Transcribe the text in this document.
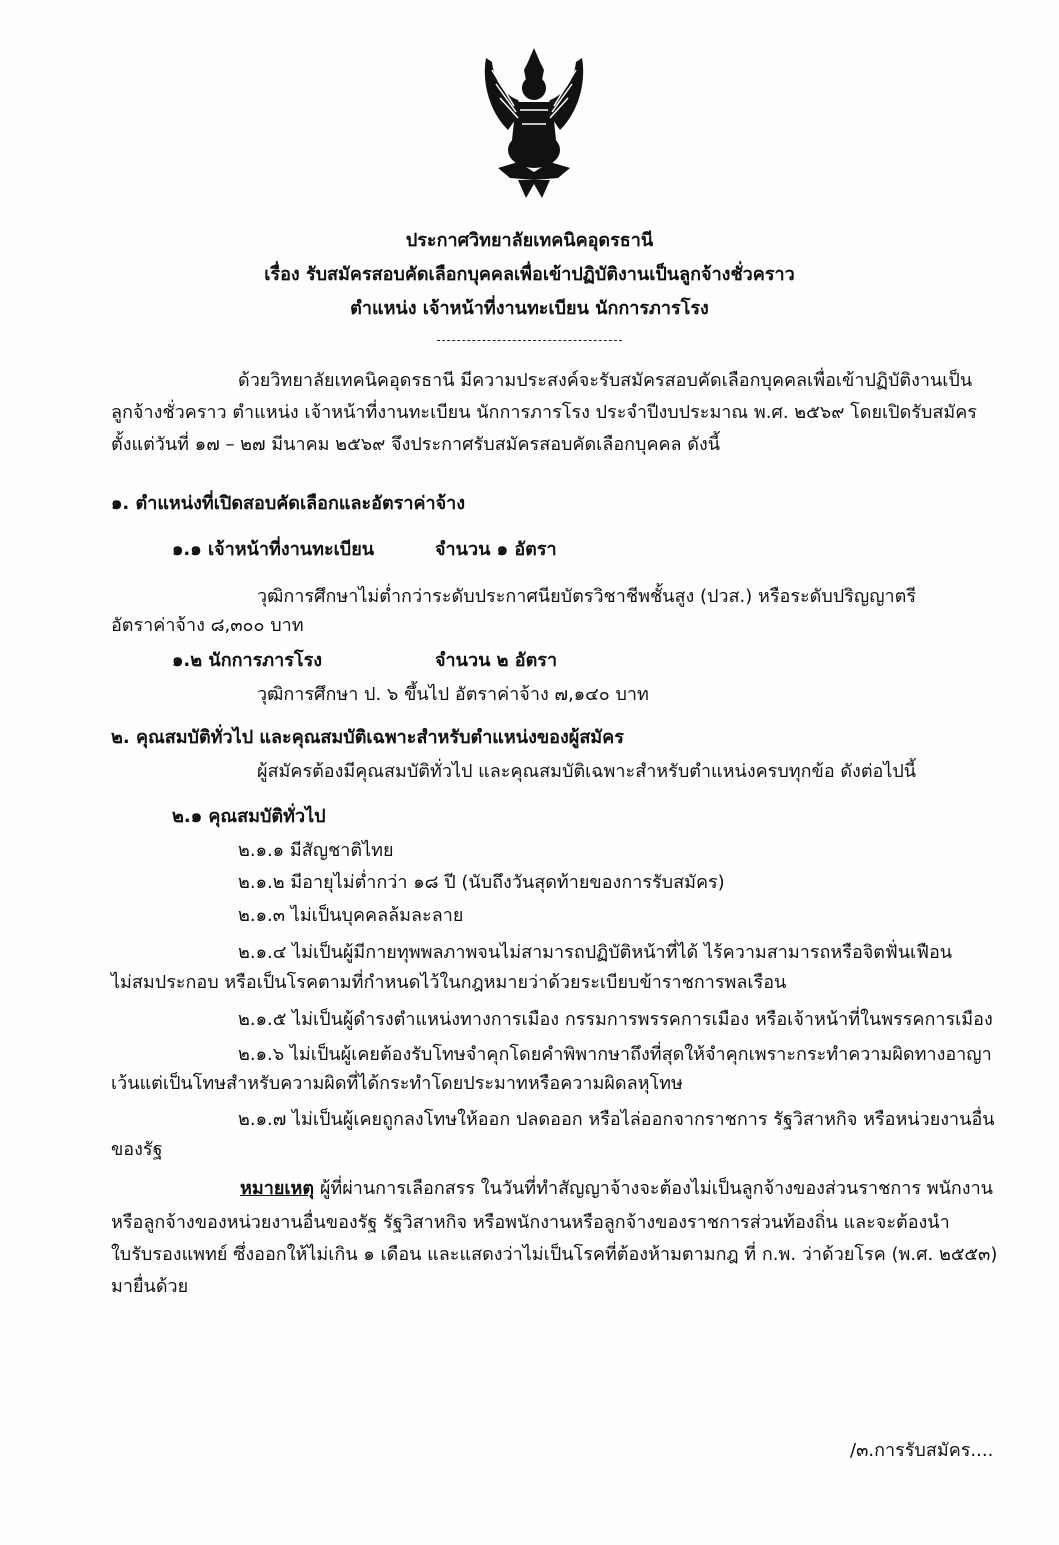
ประกาศวิทยาลัยเทคนิคอุดรธานี
เรื่อง รับสมัครสอบคัดเลือกบุคคลเพื่อเข้าปฏิบัติงานเป็นลูกจ้างชั่วคราว
ตำแหน่ง เจ้าหน้าที่งานทะเบียน นักการภารโรง
ด้วยวิทยาลัยเทคนิคอุดรธานี มีความประสงค์จะรับสมัครสอบคัดเลือกบุคคลเพื่อเข้าปฏิบัติงานเป็น
ลูกจ้างชั่วคราว ตำแหน่ง เจ้าหน้าที่งานทะเบียน นักการภารโรง ประจำปีงบประมาณ พ.ศ. ๒๕๖๙ โดยเปิดรับสมัคร
ตั้งแต่วันที่ ๑๗ – ๒๗ มีนาคม ๒๕๖๙ จึงประกาศรับสมัครสอบคัดเลือกบุคคล ดังนี้
๑. ตำแหน่งที่เปิดสอบคัดเลือกและอัตราค่าจ้าง
๑.๑ เจ้าหน้าที่งานทะเบียน	จำนวน ๑ อัตรา
วุฒิการศึกษาไม่ต่ำกว่าระดับประกาศนียบัตรวิชาชีพชั้นสูง (ปวส.) หรือระดับปริญญาตรี
อัตราค่าจ้าง ๘,๓๐๐ บาท
๑.๒ นักการภารโรง	จำนวน ๒ อัตรา
วุฒิการศึกษา ป. ๖ ขึ้นไป อัตราค่าจ้าง ๗,๑๔๐ บาท
๒. คุณสมบัติทั่วไป และคุณสมบัติเฉพาะสำหรับตำแหน่งของผู้สมัคร
ผู้สมัครต้องมีคุณสมบัติทั่วไป และคุณสมบัติเฉพาะสำหรับตำแหน่งครบทุกข้อ ดังต่อไปนี้
๒.๑ คุณสมบัติทั่วไป
๒.๑.๑ มีสัญชาติไทย
๒.๑.๒ มีอายุไม่ต่ำกว่า ๑๘ ปี (นับถึงวันสุดท้ายของการรับสมัคร)
๒.๑.๓ ไม่เป็นบุคคลล้มละลาย
๒.๑.๔ ไม่เป็นผู้มีกายทุพพลภาพจนไม่สามารถปฏิบัติหน้าที่ได้ ไร้ความสามารถหรือจิตฟั่นเฟือน
ไม่สมประกอบ หรือเป็นโรคตามที่กำหนดไว้ในกฎหมายว่าด้วยระเบียบข้าราชการพลเรือน
๒.๑.๕ ไม่เป็นผู้ดำรงตำแหน่งทางการเมือง กรรมการพรรคการเมือง หรือเจ้าหน้าที่ในพรรคการเมือง
๒.๑.๖ ไม่เป็นผู้เคยต้องรับโทษจำคุกโดยคำพิพากษาถึงที่สุดให้จำคุกเพราะกระทำความผิดทางอาญา
เว้นแต่เป็นโทษสำหรับความผิดที่ได้กระทำโดยประมาทหรือความผิดลหุโทษ
๒.๑.๗ ไม่เป็นผู้เคยถูกลงโทษให้ออก ปลดออก หรือไล่ออกจากราชการ รัฐวิสาหกิจ หรือหน่วยงานอื่น
ของรัฐ
หมายเหตุ ผู้ที่ผ่านการเลือกสรร ในวันที่ทำสัญญาจ้างจะต้องไม่เป็นลูกจ้างของส่วนราชการ พนักงาน
หรือลูกจ้างของหน่วยงานอื่นของรัฐ รัฐวิสาหกิจ หรือพนักงานหรือลูกจ้างของราชการส่วนท้องถิ่น และจะต้องนำ
ใบรับรองแพทย์ ซึ่งออกให้ไม่เกิน ๑ เดือน และแสดงว่าไม่เป็นโรคที่ต้องห้ามตามกฎ ที่ ก.พ. ว่าด้วยโรค (พ.ศ. ๒๕๕๓)
มายื่นด้วย
/๓.การรับสมัคร....
